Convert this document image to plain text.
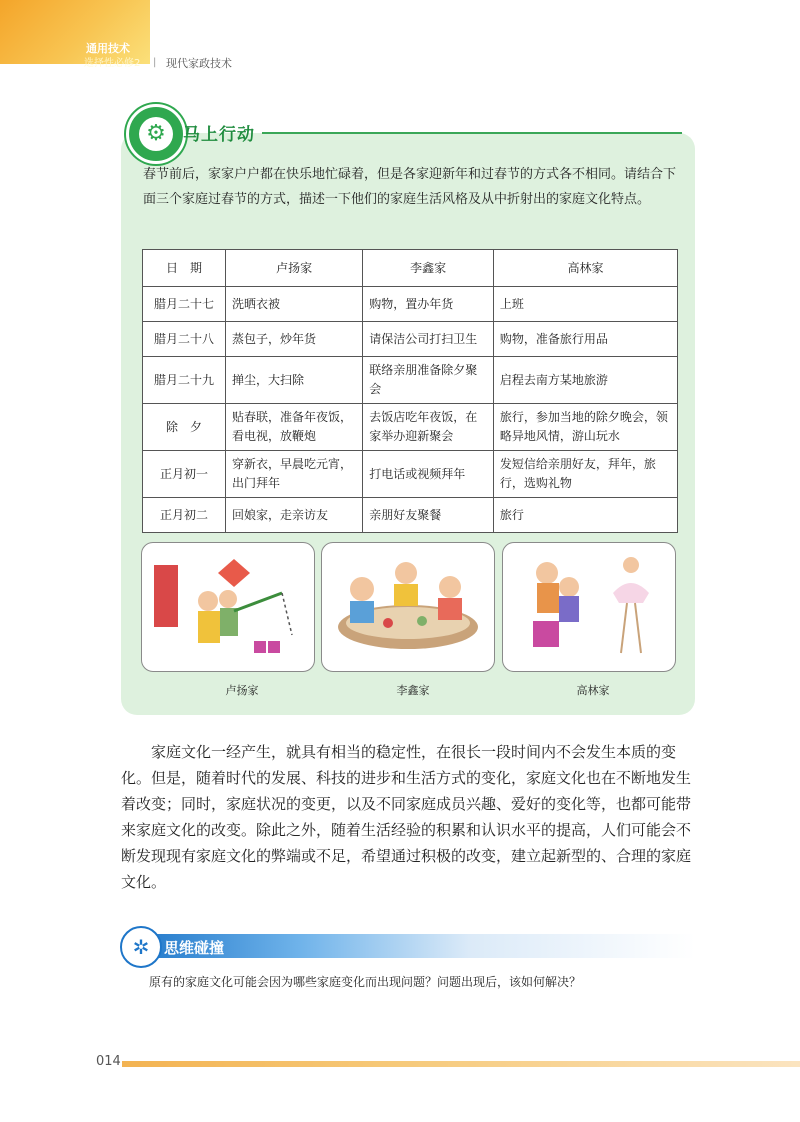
通用技术
选择性必修2 | 现代家政技术
⚙ 马上行动
春节前后，家家户户都在快乐地忙碌着，但是各家迎新年和过春节的方式各不相同。请结合下面三个家庭过春节的方式，描述一下他们的家庭生活风格及从中折射出的家庭文化特点。
日　期	卢扬家	李鑫家	高林家
腊月二十七	洗晒衣被	购物，置办年货	上班
腊月二十八	蒸包子，炒年货	请保洁公司打扫卫生	购物，准备旅行用品
腊月二十九	掸尘，大扫除	联络亲朋准备除夕聚会	启程去南方某地旅游
除　夕	贴春联，准备年夜饭，看电视，放鞭炮	去饭店吃年夜饭，在家举办迎新聚会	旅行，参加当地的除夕晚会，领略异地风情，游山玩水
正月初一	穿新衣，早晨吃元宵，出门拜年	打电话或视频拜年	发短信给亲朋好友，拜年，旅行，选购礼物
正月初二	回娘家，走亲访友	亲朋好友聚餐	旅行
卢扬家	李鑫家	高林家
家庭文化一经产生，就具有相当的稳定性，在很长一段时间内不会发生本质的变化。但是，随着时代的发展、科技的进步和生活方式的变化，家庭文化也在不断地发生着改变；同时，家庭状况的变更，以及不同家庭成员兴趣、爱好的变化等，也都可能带来家庭文化的改变。除此之外，随着生活经验的积累和认识水平的提高，人们可能会不断发现现有家庭文化的弊端或不足，希望通过积极的改变，建立起新型的、合理的家庭文化。
✲ 思维碰撞
原有的家庭文化可能会因为哪些家庭变化而出现问题？问题出现后，该如何解决？
014
